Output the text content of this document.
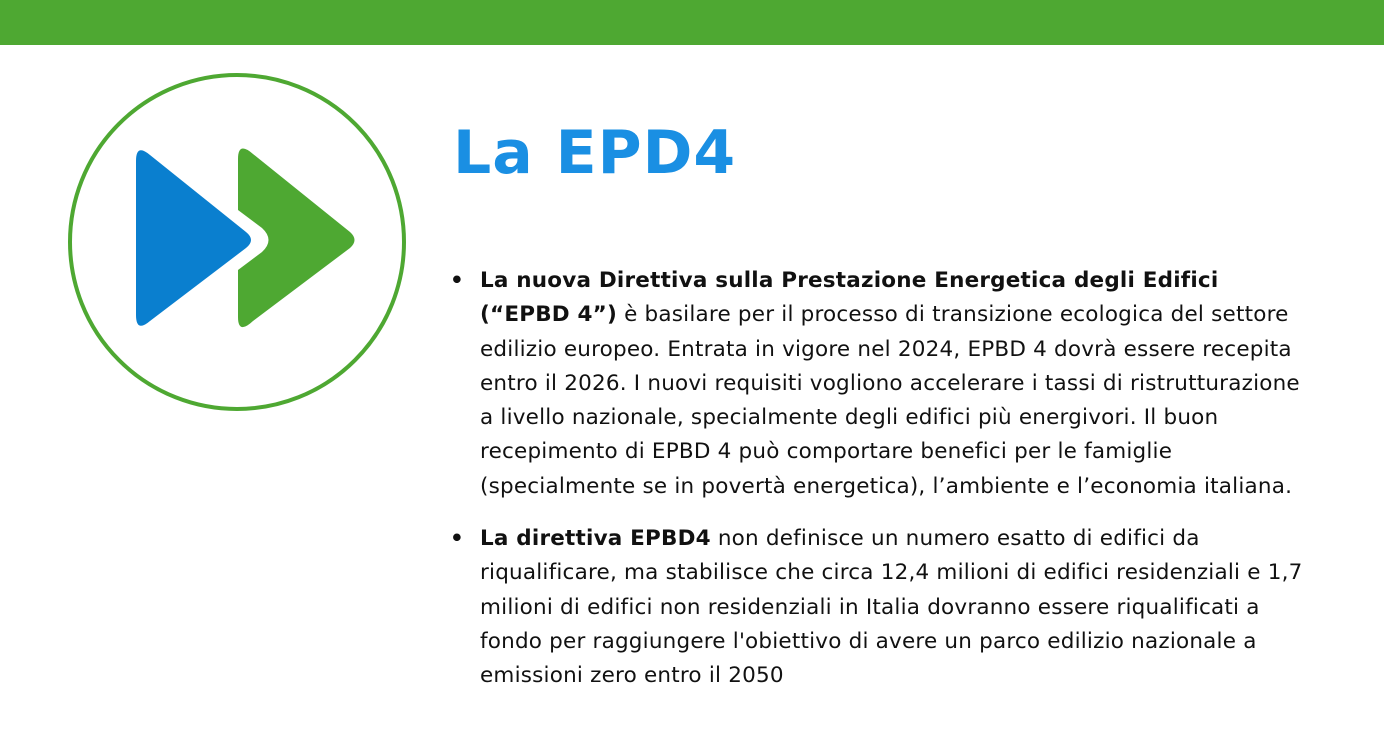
La EPD4
• La nuova Direttiva sulla Prestazione Energetica degli Edifici (“EPBD 4”) è basilare per il processo di transizione ecologica del settore edilizio europeo. Entrata in vigore nel 2024, EPBD 4 dovrà essere recepita entro il 2026. I nuovi requisiti vogliono accelerare i tassi di ristrutturazione a livello nazionale, specialmente degli edifici più energivori. Il buon recepimento di EPBD 4 può comportare benefici per le famiglie (specialmente se in povertà energetica), l’ambiente e l’economia italiana.
• La direttiva EPBD4 non definisce un numero esatto di edifici da riqualificare, ma stabilisce che circa 12,4 milioni di edifici residenziali e 1,7 milioni di edifici non residenziali in Italia dovranno essere riqualificati a fondo per raggiungere l'obiettivo di avere un parco edilizio nazionale a emissioni zero entro il 2050
